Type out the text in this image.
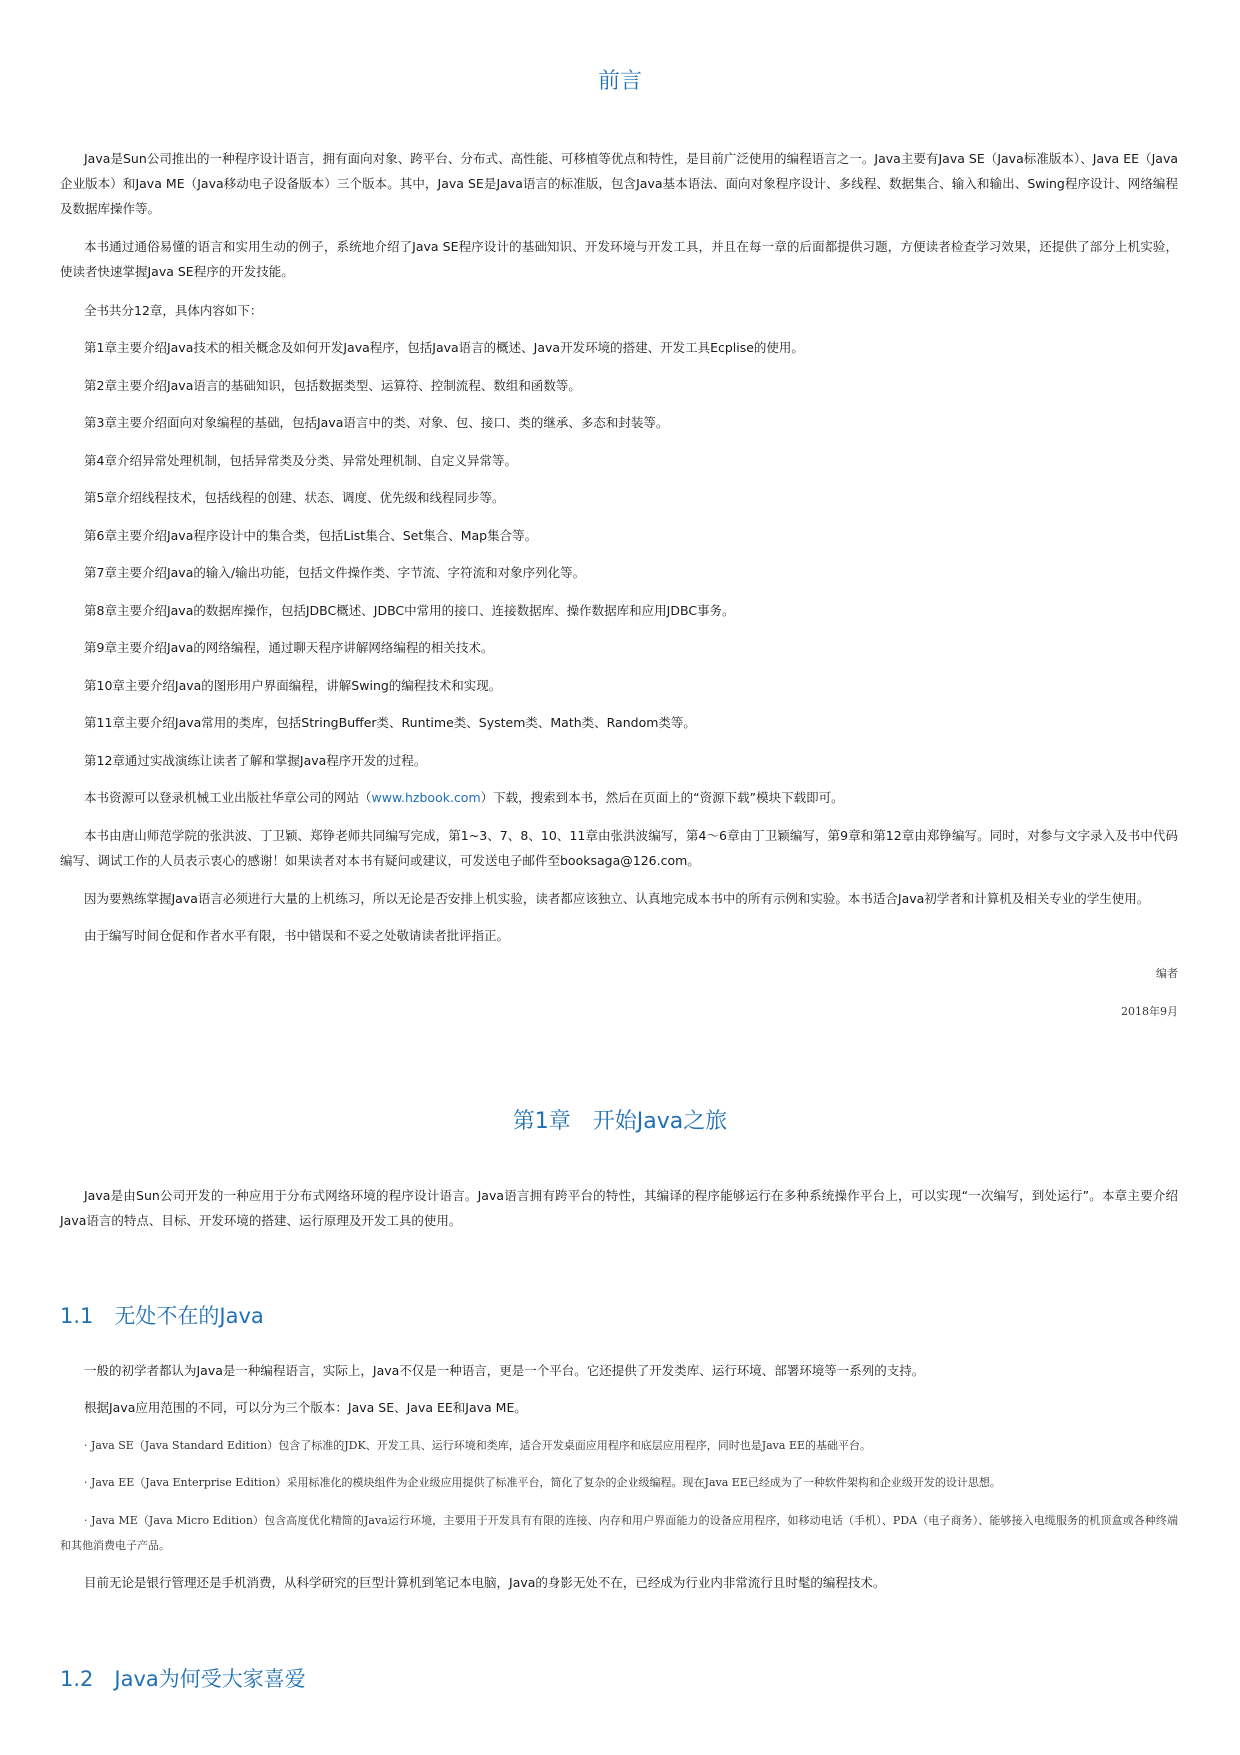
前言

Java是Sun公司推出的一种程序设计语言，拥有面向对象、跨平台、分布式、高性能、可移植等优点和特性，是目前广泛使用的编程语言之一。Java主要有Java SE（Java标准版本）、Java EE（Java企业版本）和Java ME（Java移动电子设备版本）三个版本。其中，Java SE是Java语言的标准版，包含Java基本语法、面向对象程序设计、多线程、数据集合、输入和输出、Swing程序设计、网络编程及数据库操作等。

本书通过通俗易懂的语言和实用生动的例子，系统地介绍了Java SE程序设计的基础知识、开发环境与开发工具，并且在每一章的后面都提供习题，方便读者检查学习效果，还提供了部分上机实验，使读者快速掌握Java SE程序的开发技能。

全书共分12章，具体内容如下：

第1章主要介绍Java技术的相关概念及如何开发Java程序，包括Java语言的概述、Java开发环境的搭建、开发工具Ecplise的使用。

第2章主要介绍Java语言的基础知识，包括数据类型、运算符、控制流程、数组和函数等。

第3章主要介绍面向对象编程的基础，包括Java语言中的类、对象、包、接口、类的继承、多态和封装等。

第4章介绍异常处理机制，包括异常类及分类、异常处理机制、自定义异常等。

第5章介绍线程技术，包括线程的创建、状态、调度、优先级和线程同步等。

第6章主要介绍Java程序设计中的集合类，包括List集合、Set集合、Map集合等。

第7章主要介绍Java的输入/输出功能，包括文件操作类、字节流、字符流和对象序列化等。

第8章主要介绍Java的数据库操作，包括JDBC概述、JDBC中常用的接口、连接数据库、操作数据库和应用JDBC事务。

第9章主要介绍Java的网络编程，通过聊天程序讲解网络编程的相关技术。

第10章主要介绍Java的图形用户界面编程，讲解Swing的编程技术和实现。

第11章主要介绍Java常用的类库，包括StringBuffer类、Runtime类、System类、Math类、Random类等。

第12章通过实战演练让读者了解和掌握Java程序开发的过程。

本书资源可以登录机械工业出版社华章公司的网站（www.hzbook.com）下载，搜索到本书，然后在页面上的“资源下载”模块下载即可。

本书由唐山师范学院的张洪波、丁卫颖、郑铮老师共同编写完成，第1~3、7、8、10、11章由张洪波编写，第4～6章由丁卫颖编写，第9章和第12章由郑铮编写。同时，对参与文字录入及书中代码编写、调试工作的人员表示衷心的感谢！如果读者对本书有疑问或建议，可发送电子邮件至booksaga@126.com。

因为要熟练掌握Java语言必须进行大量的上机练习，所以无论是否安排上机实验，读者都应该独立、认真地完成本书中的所有示例和实验。本书适合Java初学者和计算机及相关专业的学生使用。

由于编写时间仓促和作者水平有限，书中错误和不妥之处敬请读者批评指正。

编者
2018年9月
第1章　开始Java之旅

Java是由Sun公司开发的一种应用于分布式网络环境的程序设计语言。Java语言拥有跨平台的特性，其编译的程序能够运行在多种系统操作平台上，可以实现“一次编写，到处运行”。本章主要介绍Java语言的特点、目标、开发环境的搭建、运行原理及开发工具的使用。

1.1　无处不在的Java

一般的初学者都认为Java是一种编程语言，实际上，Java不仅是一种语言，更是一个平台。它还提供了开发类库、运行环境、部署环境等一系列的支持。

根据Java应用范围的不同，可以分为三个版本：Java SE、Java EE和Java ME。

· Java SE（Java Standard Edition）包含了标准的JDK、开发工具、运行环境和类库，适合开发桌面应用程序和底层应用程序，同时也是Java EE的基础平台。

· Java EE（Java Enterprise Edition）采用标准化的模块组件为企业级应用提供了标准平台，简化了复杂的企业级编程。现在Java EE已经成为了一种软件架构和企业级开发的设计思想。

· Java ME（Java Micro Edition）包含高度优化精简的Java运行环境，主要用于开发具有有限的连接、内存和用户界面能力的设备应用程序，如移动电话（手机）、PDA（电子商务）、能够接入电缆服务的机顶盒或各种终端和其他消费电子产品。

目前无论是银行管理还是手机消费，从科学研究的巨型计算机到笔记本电脑，Java的身影无处不在，已经成为行业内非常流行且时髦的编程技术。

1.2　Java为何受大家喜爱
